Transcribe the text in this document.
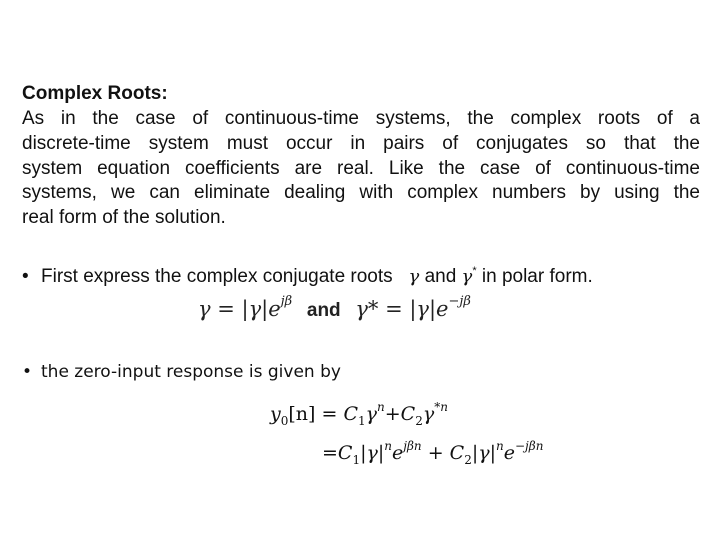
Complex Roots:
As in the case of continuous-time systems, the complex roots of a
discrete-time system must occur in pairs of conjugates so that the
system equation coefficients are real. Like the case of continuous-time
systems, we can eliminate dealing with complex numbers by using the
real form of the solution.
• First express the complex conjugate roots γ and γ* in polar form.
$\gamma = |\gamma|e^{j\beta}$ and $\gamma* = |\gamma|e^{-j\beta}$
• the zero-input response is given by
$y_0[n] = C_1\gamma^n+C_2\gamma^{*n}$
$=C_1|\gamma|^ne^{j\beta n} + C_2|\gamma|^ne^{-j\beta n}$
